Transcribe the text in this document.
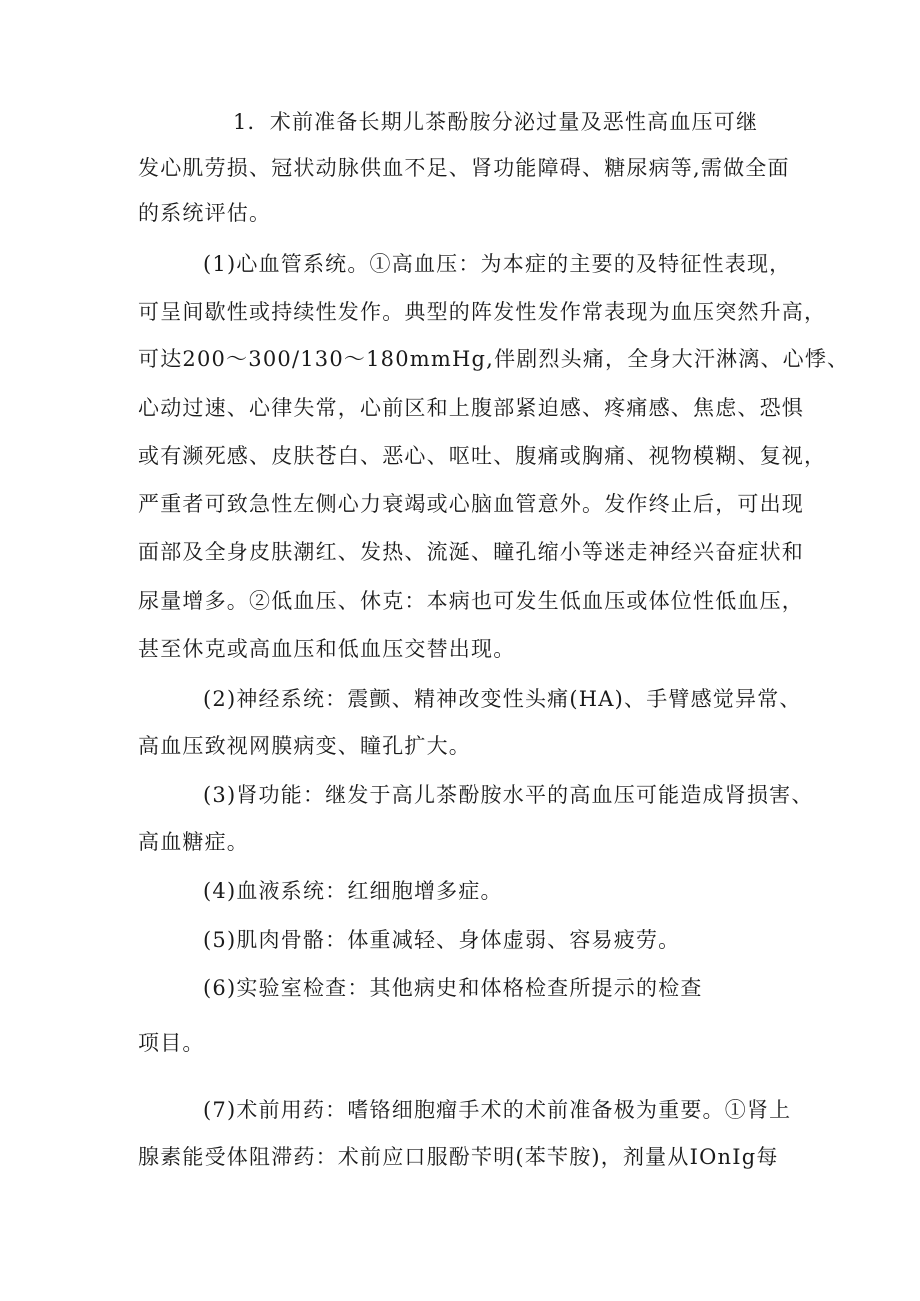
1．术前准备长期儿茶酚胺分泌过量及恶性高血压可继
发心肌劳损、冠状动脉供血不足、肾功能障碍、糖尿病等,需做全面
的系统评估。
(1)心血管系统。①高血压：为本症的主要的及特征性表现，
可呈间歇性或持续性发作。典型的阵发性发作常表现为血压突然升高，
可达200～300/130～180mmHg,伴剧烈头痛，全身大汗淋漓、心悸、
心动过速、心律失常，心前区和上腹部紧迫感、疼痛感、焦虑、恐惧
或有濒死感、皮肤苍白、恶心、呕吐、腹痛或胸痛、视物模糊、复视，
严重者可致急性左侧心力衰竭或心脑血管意外。发作终止后，可出现
面部及全身皮肤潮红、发热、流涎、瞳孔缩小等迷走神经兴奋症状和
尿量增多。②低血压、休克：本病也可发生低血压或体位性低血压，
甚至休克或高血压和低血压交替出现。
(2)神经系统：震颤、精神改变性头痛(HA)、手臂感觉异常、
高血压致视网膜病变、瞳孔扩大。
(3)肾功能：继发于高儿茶酚胺水平的高血压可能造成肾损害、
高血糖症。
(4)血液系统：红细胞增多症。
(5)肌肉骨骼：体重减轻、身体虚弱、容易疲劳。
(6)实验室检查：其他病史和体格检查所提示的检查
项目。
(7)术前用药：嗜铬细胞瘤手术的术前准备极为重要。①肾上
腺素能受体阻滞药：术前应口服酚苄明(苯苄胺)，剂量从IOnIg每
